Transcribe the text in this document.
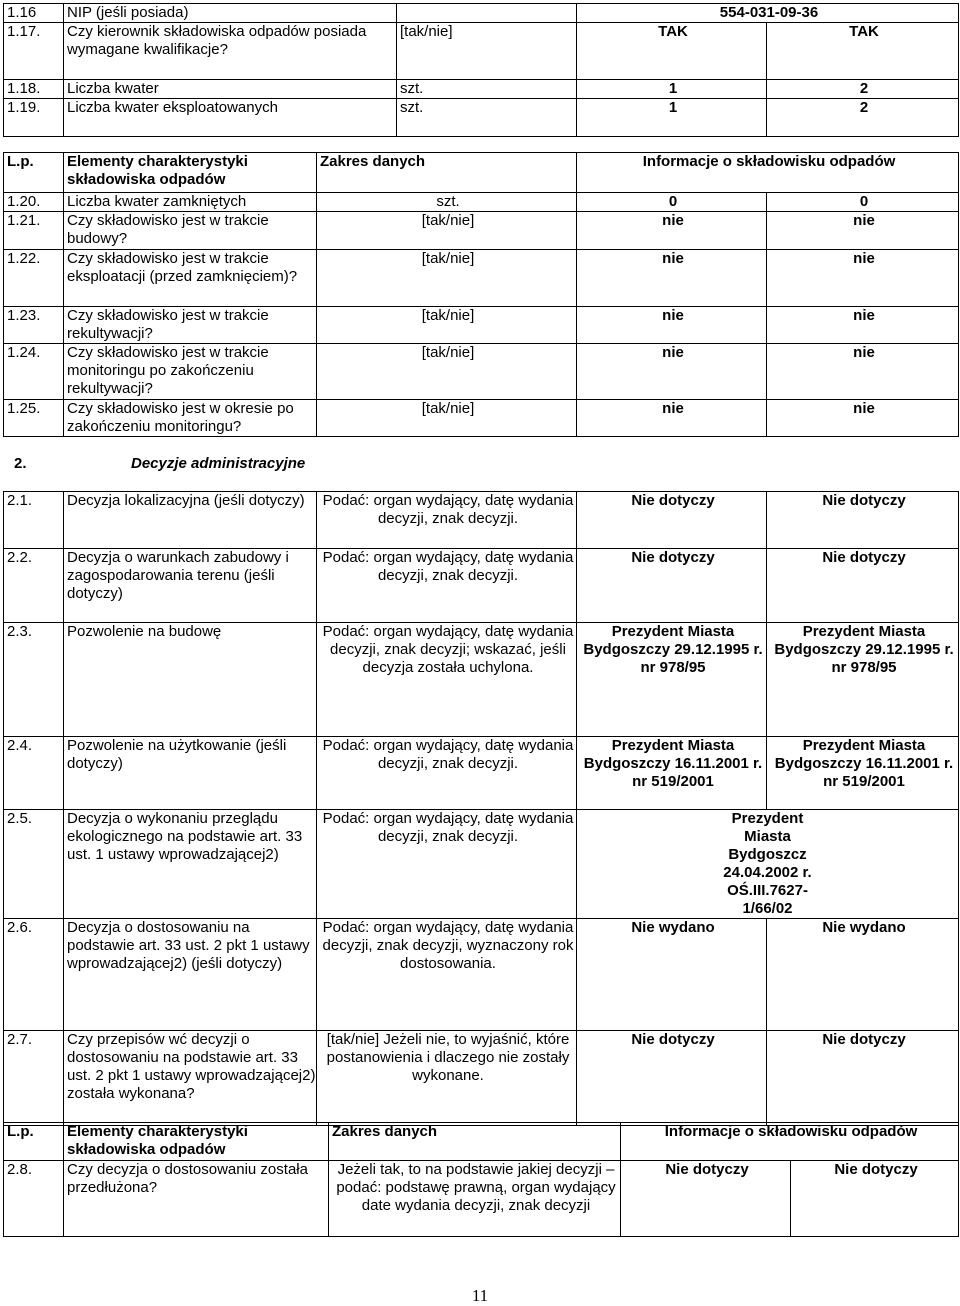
1.16	NIP (jeśli posiada)		554-031-09-36	
1.17.	Czy kierownik składowiska odpadów posiada wymagane kwalifikacje?	[tak/nie]	TAK	TAK
1.18.	Liczba kwater	szt.	1	2
1.19.	Liczba kwater eksploatowanych	szt.	1	2
L.p.	Elementy charakterystyki składowiska odpadów	Zakres danych	Informacje o składowisku odpadów	
1.20.	Liczba kwater zamkniętych	szt.	0	0
1.21.	Czy składowisko jest w trakcie budowy?	[tak/nie]	nie	nie
1.22.	Czy składowisko jest w trakcie eksploatacji (przed zamknięciem)?	[tak/nie]	nie	nie
1.23.	Czy składowisko jest w trakcie rekultywacji?	[tak/nie]	nie	nie
1.24.	Czy składowisko jest w trakcie monitoringu po zakończeniu rekultywacji?	[tak/nie]	nie	nie
1.25.	Czy składowisko jest w okresie po zakończeniu monitoringu?	[tak/nie]	nie	nie
2.	Decyzje administracyjne
2.1.	Decyzja lokalizacyjna (jeśli dotyczy)	Podać: organ wydający, datę wydania decyzji, znak decyzji.	Nie dotyczy	Nie dotyczy
2.2.	Decyzja o warunkach zabudowy i zagospodarowania terenu (jeśli dotyczy)	Podać: organ wydający, datę wydania decyzji, znak decyzji.	Nie dotyczy	Nie dotyczy
2.3.	Pozwolenie na budowę	Podać: organ wydający, datę wydania decyzji, znak decyzji; wskazać, jeśli decyzja została uchylona.	Prezydent Miasta Bydgoszczy 29.12.1995 r. nr 978/95	Prezydent Miasta Bydgoszczy 29.12.1995 r. nr 978/95
2.4.	Pozwolenie na użytkowanie (jeśli dotyczy)	Podać: organ wydający, datę wydania decyzji, znak decyzji.	Prezydent Miasta Bydgoszczy 16.11.2001 r. nr 519/2001	Prezydent Miasta Bydgoszczy 16.11.2001 r. nr 519/2001
2.5.	Decyzja o wykonaniu przeglądu ekologicznego na podstawie art. 33 ust. 1 ustawy wprowadzającej2)	Podać: organ wydający, datę wydania decyzji, znak decyzji.	Prezydent Miasta Bydgoszcz 24.04.2002 r. OŚ.III.7627-1/66/02	
2.6.	Decyzja o dostosowaniu na podstawie art. 33 ust. 2 pkt 1 ustawy wprowadzającej2) (jeśli dotyczy)	Podać: organ wydający, datę wydania decyzji, znak decyzji, wyznaczony rok dostosowania.	Nie wydano	Nie wydano
2.7.	Czy przepisów wć decyzji o dostosowaniu na podstawie art. 33 ust. 2 pkt 1 ustawy wprowadzającej2) została wykonana?	[tak/nie] Jeżeli nie, to wyjaśnić, które postanowienia i dlaczego nie zostały wykonane.	Nie dotyczy	Nie dotyczy
L.p.	Elementy charakterystyki składowiska odpadów	Zakres danych	Informacje o składowisku odpadów	
2.8.	Czy decyzja o dostosowaniu została przedłużona?	Jeżeli tak, to na podstawie jakiej decyzji – podać: podstawę prawną, organ wydający date wydania decyzji, znak decyzji	Nie dotyczy	Nie dotyczy
11
